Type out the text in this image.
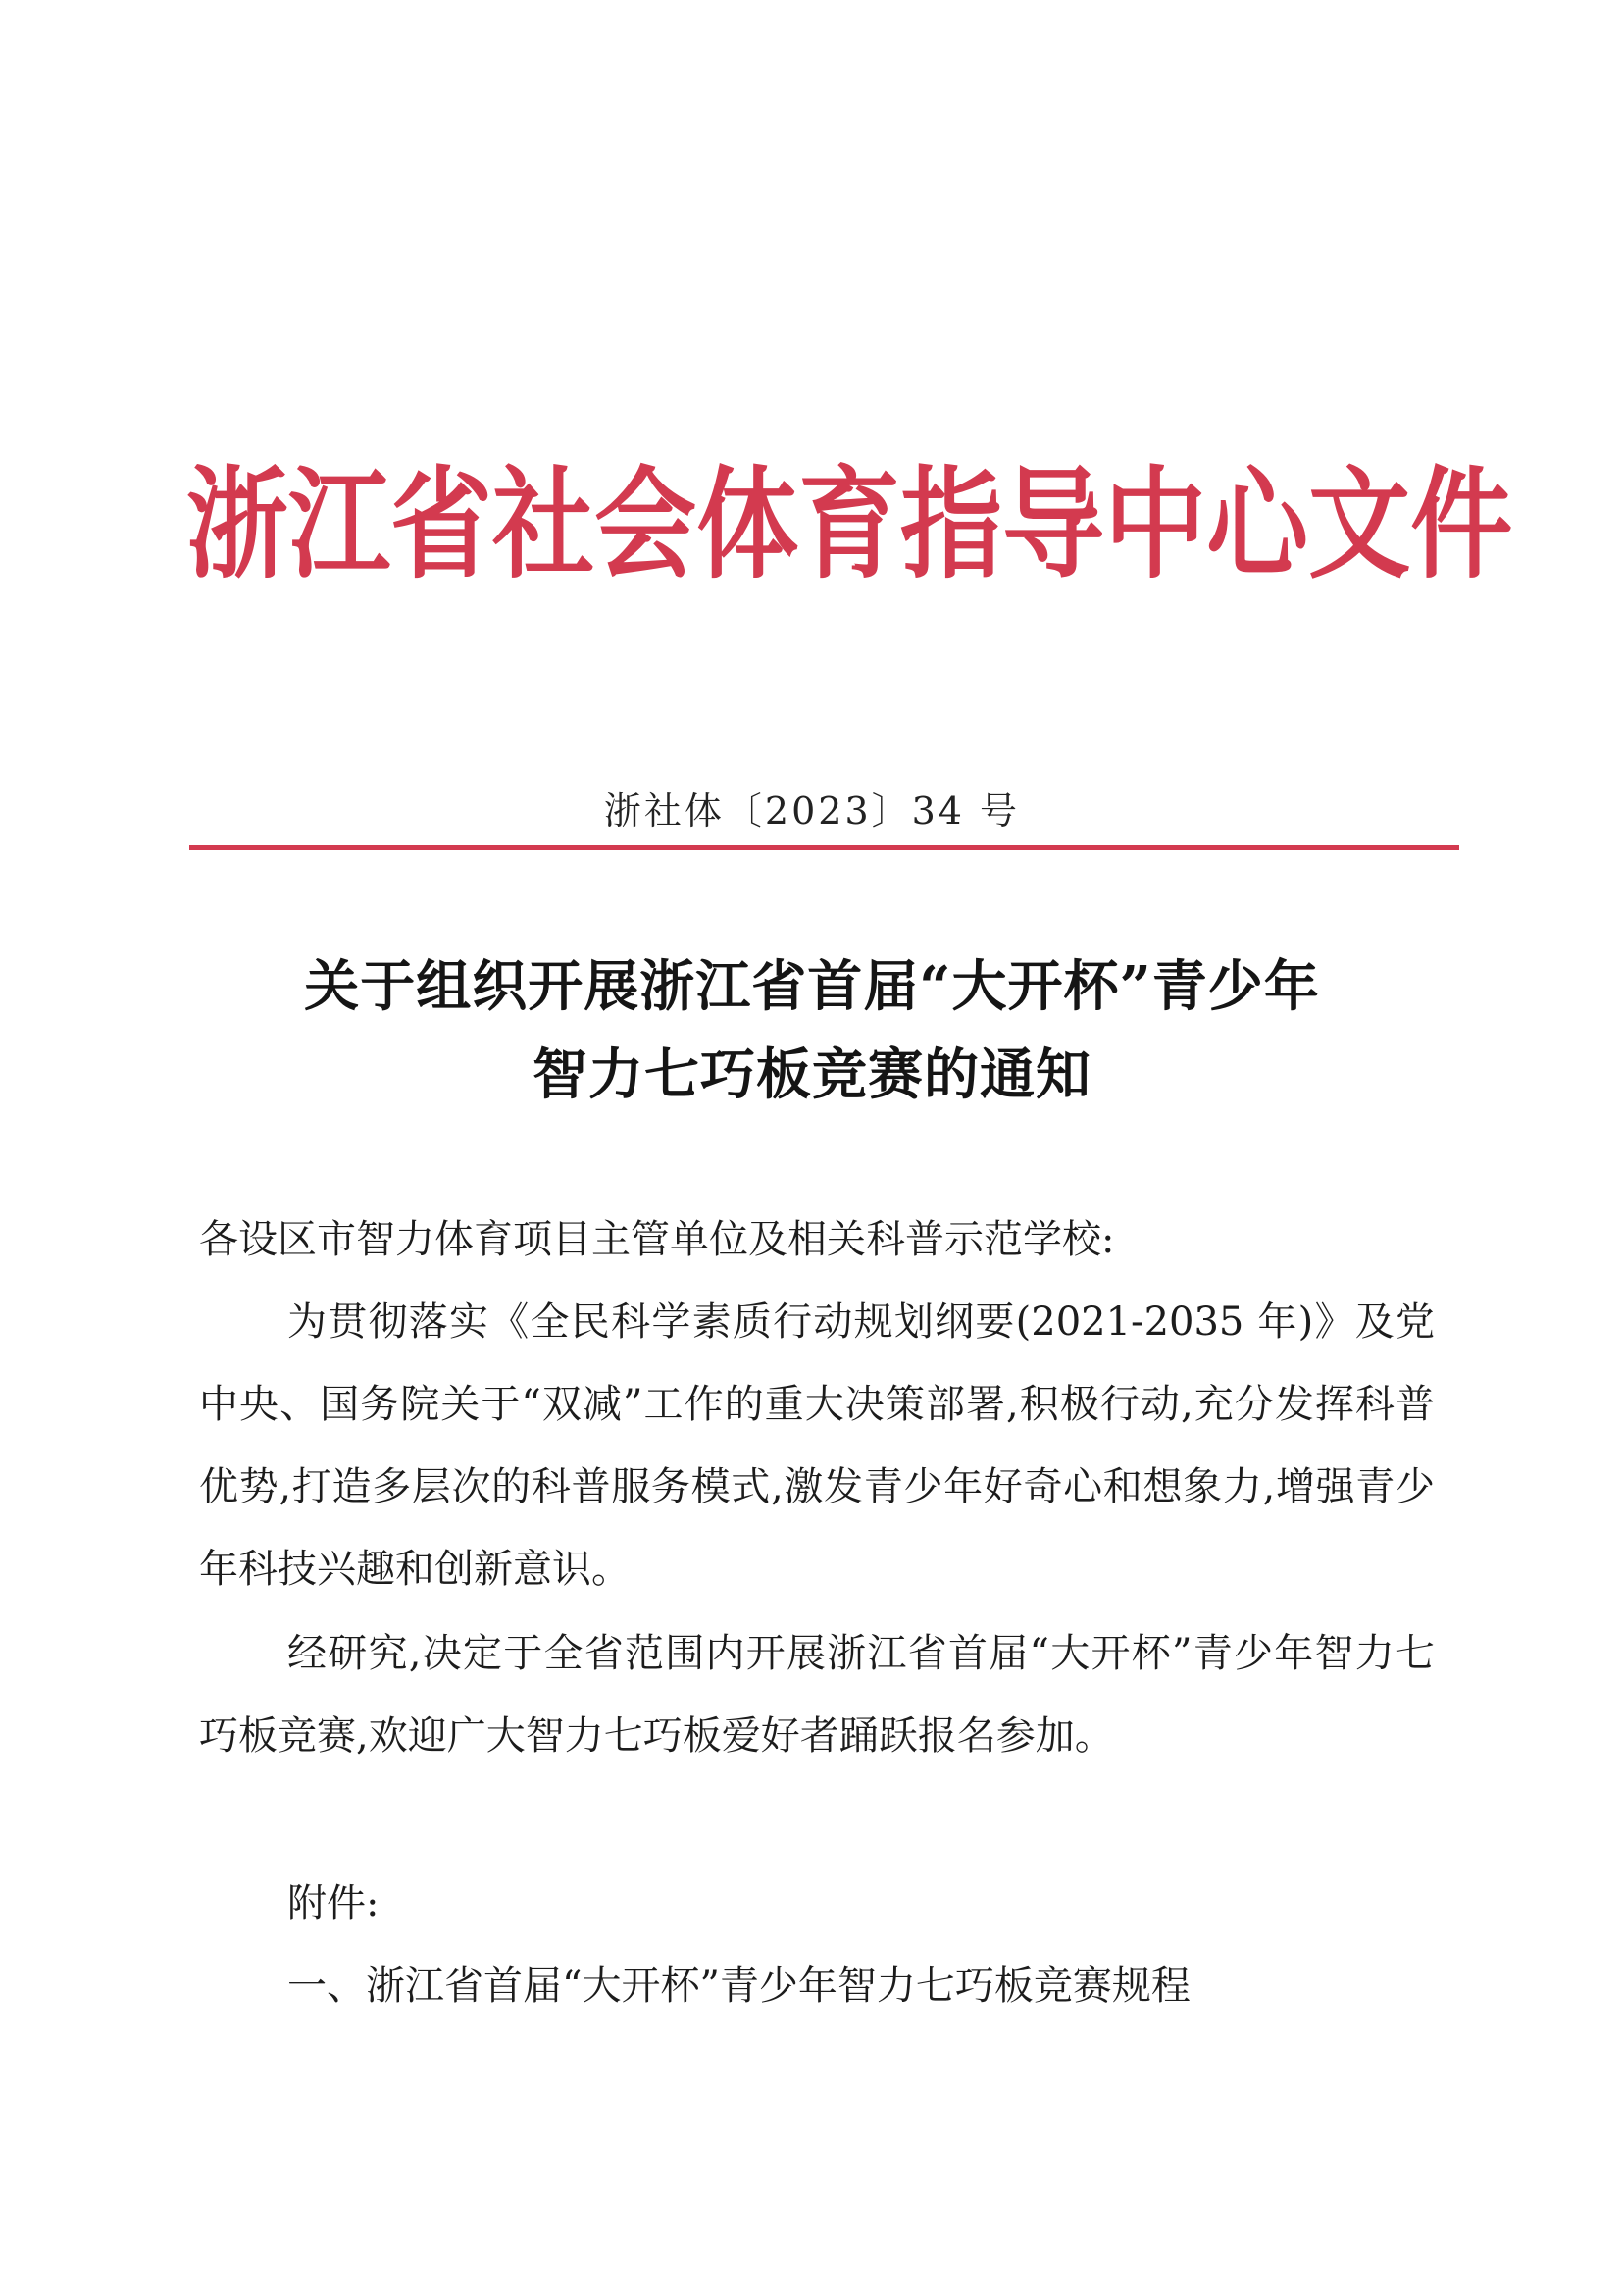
浙 江 省 社 会 体 育 指 导 中 心 文 件
浙社体〔2023〕34 号
关于组织开展浙江省首届“大开杯”青少年
智力七巧板竞赛的通知
各设区市智力体育项目主管单位及相关科普示范学校:
为贯彻落实《全民科学素质行动规划纲要(2021-2035 年)》及党中央、国务院关于“双减”工作的重大决策部署,积极行动,充分发挥科普优势,打造多层次的科普服务模式,激发青少年好奇心和想象力,增强青少年科技兴趣和创新意识。
经研究,决定于全省范围内开展浙江省首届“大开杯”青少年智力七巧板竞赛,欢迎广大智力七巧板爱好者踊跃报名参加。
附件:
一、浙江省首届“大开杯”青少年智力七巧板竞赛规程
